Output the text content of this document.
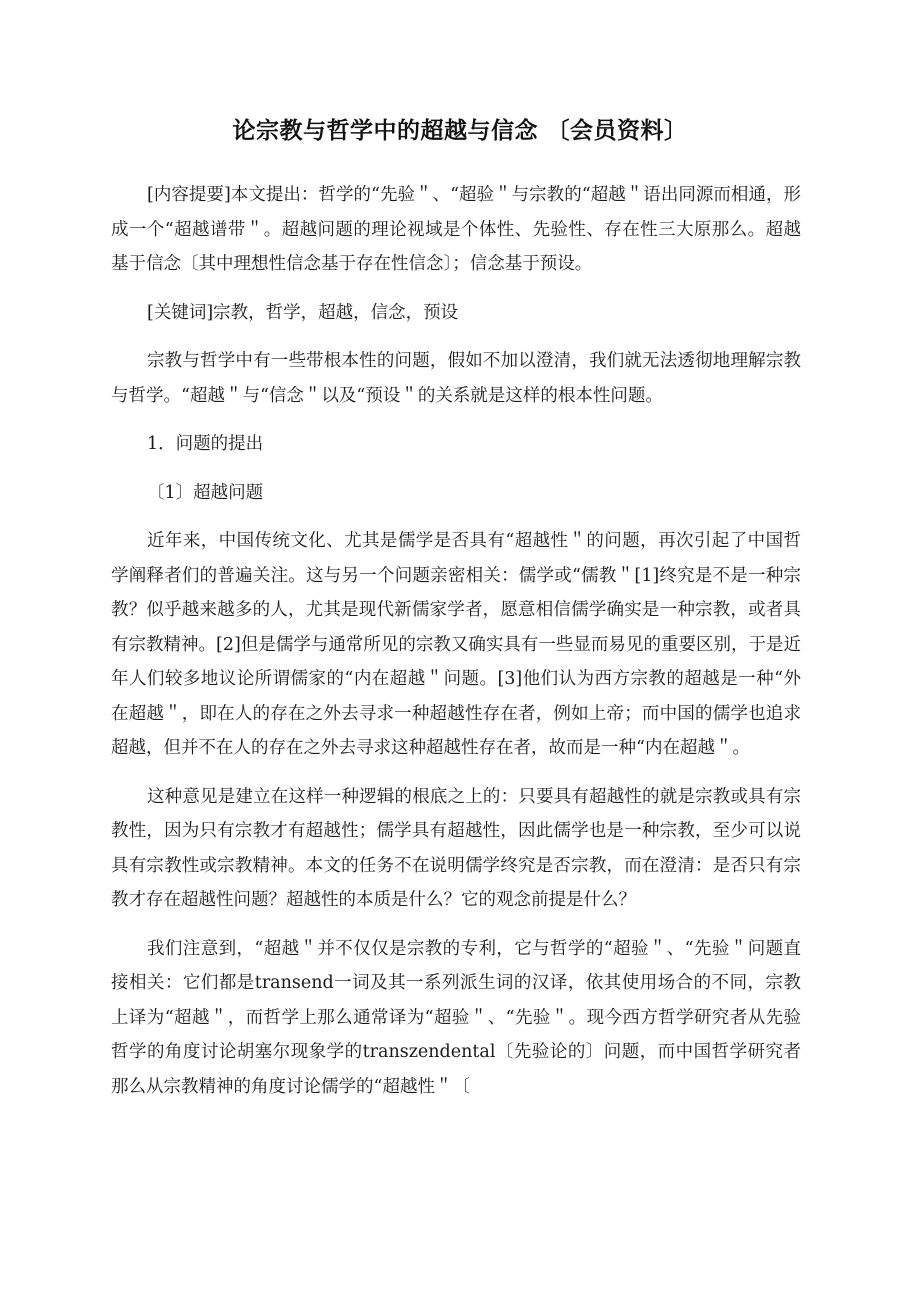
论宗教与哲学中的超越与信念 〔会员资料〕

[内容提要]本文提出：哲学的“先验＂、“超验＂与宗教的“超越＂语出同源而相通，形成一个“超越谱带＂。超越问题的理论视域是个体性、先验性、存在性三大原那么。超越基于信念〔其中理想性信念基于存在性信念〕；信念基于预设。

[关键词]宗教，哲学，超越，信念，预设

宗教与哲学中有一些带根本性的问题，假如不加以澄清，我们就无法透彻地理解宗教与哲学。“超越＂与“信念＂以及“预设＂的关系就是这样的根本性问题。

1．问题的提出

〔1〕超越问题

近年来，中国传统文化、尤其是儒学是否具有“超越性＂的问题，再次引起了中国哲学阐释者们的普遍关注。这与另一个问题亲密相关：儒学或“儒教＂[1]终究是不是一种宗教？似乎越来越多的人，尤其是现代新儒家学者，愿意相信儒学确实是一种宗教，或者具有宗教精神。[2]但是儒学与通常所见的宗教又确实具有一些显而易见的重要区别，于是近年人们较多地议论所谓儒家的“内在超越＂问题。[3]他们认为西方宗教的超越是一种“外在超越＂，即在人的存在之外去寻求一种超越性存在者，例如上帝；而中国的儒学也追求超越，但并不在人的存在之外去寻求这种超越性存在者，故而是一种“内在超越＂。

这种意见是建立在这样一种逻辑的根底之上的：只要具有超越性的就是宗教或具有宗教性，因为只有宗教才有超越性；儒学具有超越性，因此儒学也是一种宗教，至少可以说具有宗教性或宗教精神。本文的任务不在说明儒学终究是否宗教，而在澄清：是否只有宗教才存在超越性问题？超越性的本质是什么？它的观念前提是什么？

我们注意到，“超越＂并不仅仅是宗教的专利，它与哲学的“超验＂、“先验＂问题直接相关：它们都是transend一词及其一系列派生词的汉译，依其使用场合的不同，宗教上译为“超越＂，而哲学上那么通常译为“超验＂、“先验＂。现今西方哲学研究者从先验哲学的角度讨论胡塞尔现象学的transzendental〔先验论的〕问题，而中国哲学研究者那么从宗教精神的角度讨论儒学的“超越性＂〔
